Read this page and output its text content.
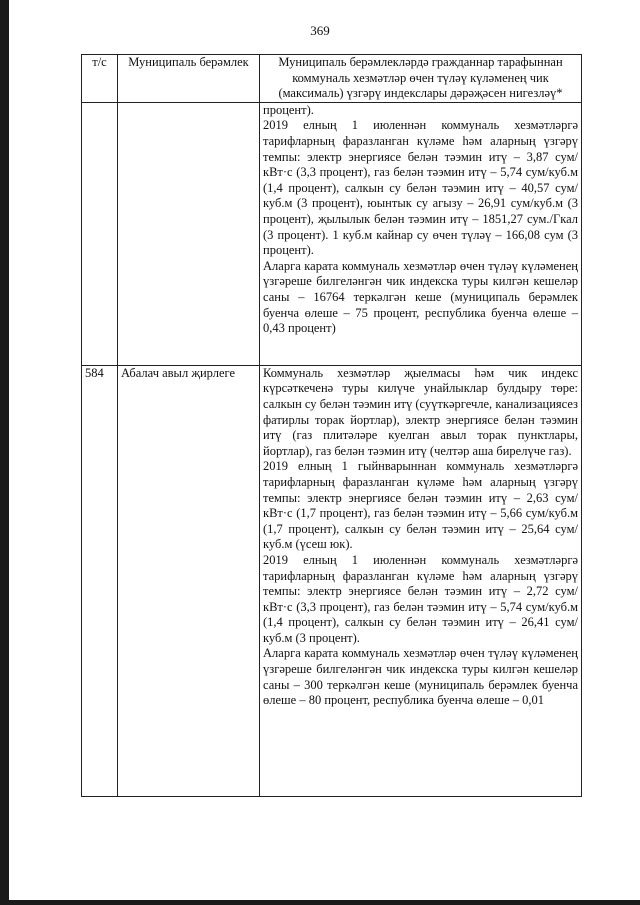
369
т/с	Муниципаль берәмлек	Муниципаль берәмлекләрдә гражданнар тарафыннан коммуналь хезмәтләр өчен түләү күләменең чик (максималь) үзгәрү индекслары дәрәҗәсен нигезләү*

		процент).

2019 елның 1 июленнән коммуналь хезмәтләргә тарифларның фаразланган күләме һәм аларның үзгәрү темпы: электр энергиясе белән тәэмин итү – 3,87 сум/кВт·с (3,3 процент), газ белән тәэмин итү – 5,74 сум/куб.м (1,4 процент), салкын су белән тәэмин итү – 40,57 сум/куб.м (3 процент), юынтык су агызу – 26,91 сум/куб.м (3 процент), җылылык белән тәэмин итү – 1851,27 сум./Гкал (3 процент). 1 куб.м кайнар су өчен түләү – 166,08 сум (3 процент).

Аларга карата коммуналь хезмәтләр өчен түләү күләменең үзгәреше билгеләнгән чик индекска туры килгән кешеләр саны – 16764 теркәлгән кеше (муниципаль берәмлек буенча өлеше – 75 процент, республика буенча өлеше – 0,43 процент)

584	Абалач авыл җирлеге	Коммуналь хезмәтләр җыелмасы һәм чик индекс күрсәткеченә туры килүче унайлыклар булдыру төре: салкын су белән тәэмин итү (суүткәргечле, канализациясез фатирлы торак йортлар), электр энергиясе белән тәэмин итү (газ плитәләре куелган авыл торак пунктлары, йортлар), газ белән тәэмин итү (челтәр аша бирелүче газ).

2019 елның 1 гыйнварыннан коммуналь хезмәтләргә тарифларның фаразланган күләме һәм аларның үзгәрү темпы: электр энергиясе белән тәэмин итү – 2,63 сум/кВт·с (1,7 процент), газ белән тәэмин итү – 5,66 сум/куб.м (1,7 процент), салкын су белән тәэмин итү – 25,64 сум/куб.м (үсеш юк).

2019 елның 1 июленнән коммуналь хезмәтләргә тарифларның фаразланган күләме һәм аларның үзгәрү темпы: электр энергиясе белән тәэмин итү – 2,72 сум/кВт·с (3,3 процент), газ белән тәэмин итү – 5,74 сум/куб.м (1,4 процент), салкын су белән тәэмин итү – 26,41 сум/куб.м (3 процент).

Аларга карата коммуналь хезмәтләр өчен түләү күләменең үзгәреше билгеләнгән чик индекска туры килгән кешеләр саны – 300 теркәлгән кеше (муниципаль берәмлек буенча өлеше – 80 процент, республика буенча өлеше – 0,01
